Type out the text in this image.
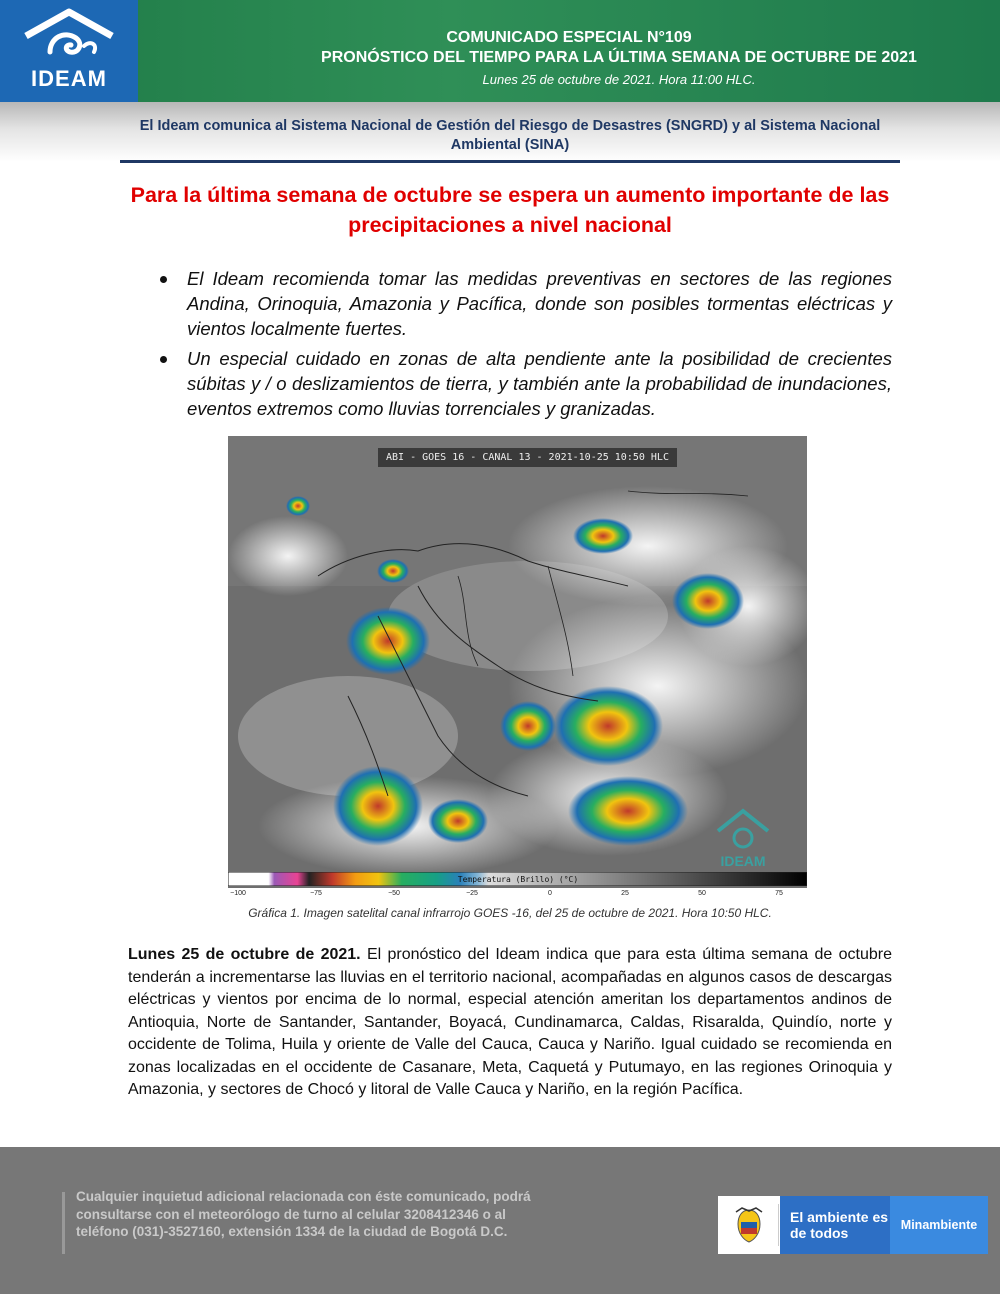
IDEAM
COMUNICADO ESPECIAL N°109
PRONÓSTICO DEL TIEMPO PARA LA ÚLTIMA SEMANA DE OCTUBRE DE 2021
Lunes 25 de octubre de 2021. Hora 11:00 HLC.
El Ideam comunica al Sistema Nacional de Gestión del Riesgo de Desastres (SNGRD) y al Sistema Nacional Ambiental (SINA)
Para la última semana de octubre se espera un aumento importante de las precipitaciones a nivel nacional
El Ideam recomienda tomar las medidas preventivas en sectores de las regiones Andina, Orinoquia, Amazonia y Pacífica, donde son posibles tormentas eléctricas y vientos localmente fuertes.
Un especial cuidado en zonas de alta pendiente ante la posibilidad de crecientes súbitas y / o deslizamientos de tierra, y también ante la probabilidad de inundaciones, eventos extremos como lluvias torrenciales y granizadas.
IDEAM
ABI - GOES 16 - CANAL 13 - 2021-10-25 10:50 HLC
Temperatura (Brillo) (°C)
−100	−75	−50	−25	0	25	50	75
Gráfica 1. Imagen satelital canal infrarrojo GOES -16, del 25 de octubre de 2021. Hora 10:50 HLC.
Lunes 25 de octubre de 2021. El pronóstico del Ideam indica que para esta última semana de octubre tenderán a incrementarse las lluvias en el territorio nacional, acompañadas en algunos casos de descargas eléctricas y vientos por encima de lo normal, especial atención ameritan los departamentos andinos de Antioquia, Norte de Santander, Santander, Boyacá, Cundinamarca, Caldas, Risaralda, Quindío, norte y occidente de Tolima, Huila y oriente de Valle del Cauca, Cauca y Nariño. Igual cuidado se recomienda en zonas localizadas en el occidente de Casanare, Meta, Caquetá y Putumayo, en las regiones Orinoquia y Amazonia, y sectores de Chocó y litoral de Valle Cauca y Nariño, en la región Pacífica.
Cualquier inquietud adicional relacionada con éste comunicado, podrá consultarse con el meteorólogo de turno al celular 3208412346 o al teléfono (031)-3527160, extensión 1334 de la ciudad de Bogotá D.C.
El ambiente es de todos	Minambiente
